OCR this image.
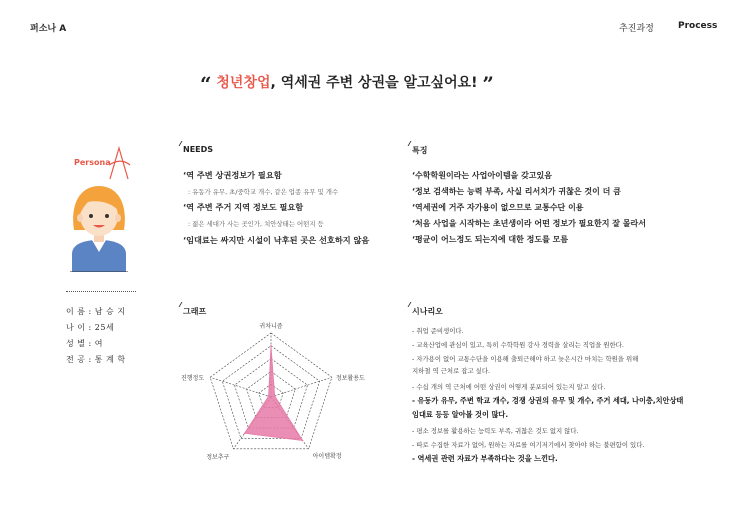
퍼소나 A	추진과정	Process
“ 청년창업, 역세권 주변 상권을 알고싶어요! ”
Persona
이 름 : 남 승 지
나 이 : 25세
성 별 : 여
전 공 : 통 계 학
NEEDS
‘역 주변 상권정보가 필요함
: 유동가 유무, 초/중학교 개수, 같은 업종 유무 및 개수
‘역 주변 주거 지역 정보도 필요함
: 젊은 세대가 사는 곳인가, 치안상태는 어떤지 등
‘임대료는 싸지만 시설이 낙후된 곳은 선호하지 않음
특징
‘수학학원이라는 사업아이템을 갖고있음
‘정보 검색하는 능력 부족, 사실 리서치가 귀찮은 것이 더 큼
‘역세권에 거주 자가용이 없으므로 교통수단 이용
‘처음 사업을 시작하는 초년생이라 어떤 정보가 필요한지 잘 몰라서
‘평균이 어느정도 되는지에 대한 정도를 모름
그래프
귀차니즘
정보활용도
아이템확정
정보추구
진행정도
시나리오
- 취업 준비생이다.
- 교육산업에 관심이 있고, 특히 수학학원 강사 경력을 살리는 직업을 원한다.
- 자가용이 없어 교통수단을 이용해 출퇴근해야 하고 늦은시간 마치는 학원을 위해
지하철 역 근처로 잡고 싶다.
- 수십 개의 역 근처에 어떤 상권이 어떻게 분포되어 있는지 알고 싶다.
- 유동가 유무, 주변 학교 개수, 경쟁 상권의 유무 및 개수, 주거 세대, 나이층,치안상태
임대료 등등 알아볼 것이 많다.
- 평소 정보를 활용하는 능력도 부족, 귀찮은 것도 없지 않다.
- 따로 수집한 자료가 없어, 원하는 자료를 여기저기에서 찾아야 하는 불편함이 있다.
- 역세권 관련 자료가 부족하다는 것을 느낀다.
